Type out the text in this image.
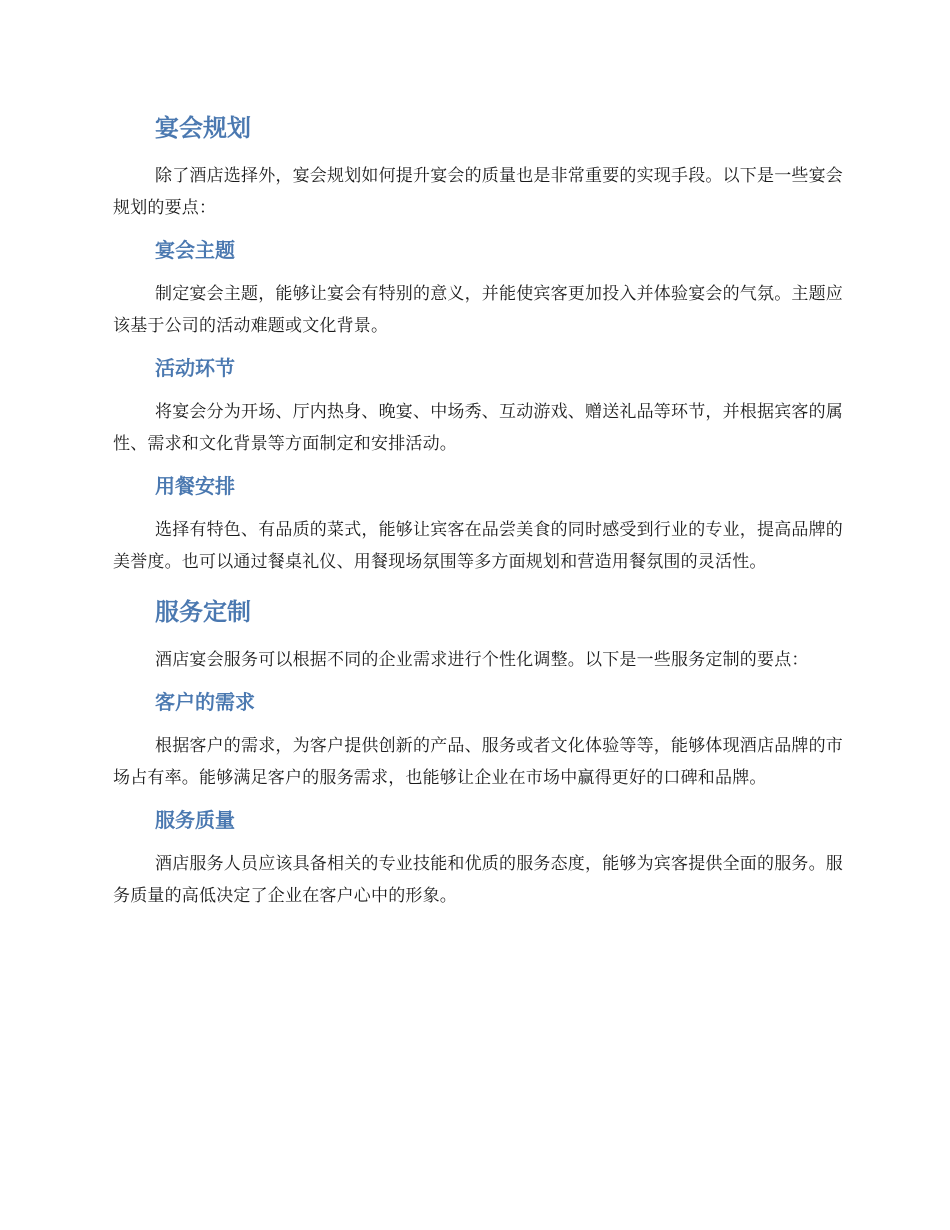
宴会规划

除了酒店选择外，宴会规划如何提升宴会的质量也是非常重要的实现手段。以下是一些宴会规划的要点：

宴会主题

制定宴会主题，能够让宴会有特别的意义，并能使宾客更加投入并体验宴会的气氛。主题应该基于公司的活动难题或文化背景。

活动环节

将宴会分为开场、厅内热身、晚宴、中场秀、互动游戏、赠送礼品等环节，并根据宾客的属性、需求和文化背景等方面制定和安排活动。

用餐安排

选择有特色、有品质的菜式，能够让宾客在品尝美食的同时感受到行业的专业，提高品牌的美誉度。也可以通过餐桌礼仪、用餐现场氛围等多方面规划和营造用餐氛围的灵活性。

服务定制

酒店宴会服务可以根据不同的企业需求进行个性化调整。以下是一些服务定制的要点：

客户的需求

根据客户的需求，为客户提供创新的产品、服务或者文化体验等等，能够体现酒店品牌的市场占有率。能够满足客户的服务需求，也能够让企业在市场中赢得更好的口碑和品牌。

服务质量

酒店服务人员应该具备相关的专业技能和优质的服务态度，能够为宾客提供全面的服务。服务质量的高低决定了企业在客户心中的形象。
